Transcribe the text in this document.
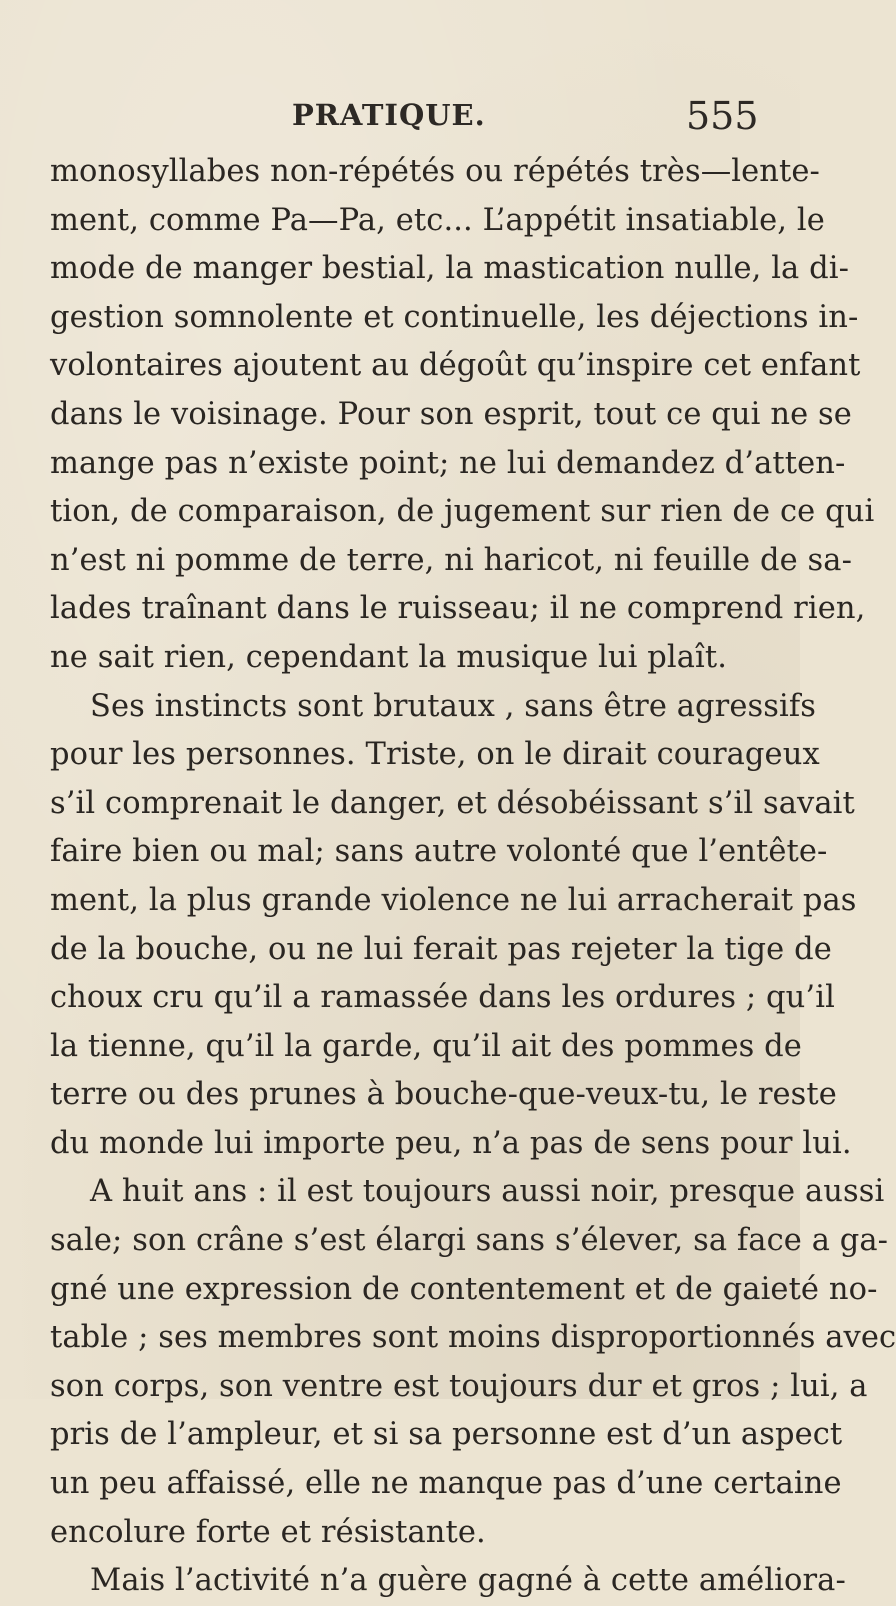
PRATIQUE.	555
monosyllabes non-répétés ou répétés très—lente-
ment, comme Pa—Pa, etc... L’appétit insatiable, le
mode de manger bestial, la mastication nulle, la di-
gestion somnolente et continuelle, les déjections in-
volontaires ajoutent au dégoût qu’inspire cet enfant
dans le voisinage. Pour son esprit, tout ce qui ne se
mange pas n’existe point; ne lui demandez d’atten-
tion, de comparaison, de jugement sur rien de ce qui
n’est ni pomme de terre, ni haricot, ni feuille de sa-
lades traînant dans le ruisseau; il ne comprend rien,
ne sait rien, cependant la musique lui plaît.
Ses instincts sont brutaux , sans être agressifs
pour les personnes. Triste, on le dirait courageux
s’il comprenait le danger, et désobéissant s’il savait
faire bien ou mal; sans autre volonté que l’entête-
ment, la plus grande violence ne lui arracherait pas
de la bouche, ou ne lui ferait pas rejeter la tige de
choux cru qu’il a ramassée dans les ordures ; qu’il
la tienne, qu’il la garde, qu’il ait des pommes de
terre ou des prunes à bouche-que-veux-tu, le reste
du monde lui importe peu, n’a pas de sens pour lui.
A huit ans : il est toujours aussi noir, presque aussi
sale; son crâne s’est élargi sans s’élever, sa face a ga-
gné une expression de contentement et de gaieté no-
table ; ses membres sont moins disproportionnés avec
son corps, son ventre est toujours dur et gros ; lui, a
pris de l’ampleur, et si sa personne est d’un aspect
un peu affaissé, elle ne manque pas d’une certaine
encolure forte et résistante.
Mais l’activité n’a guère gagné à cette améliora-
